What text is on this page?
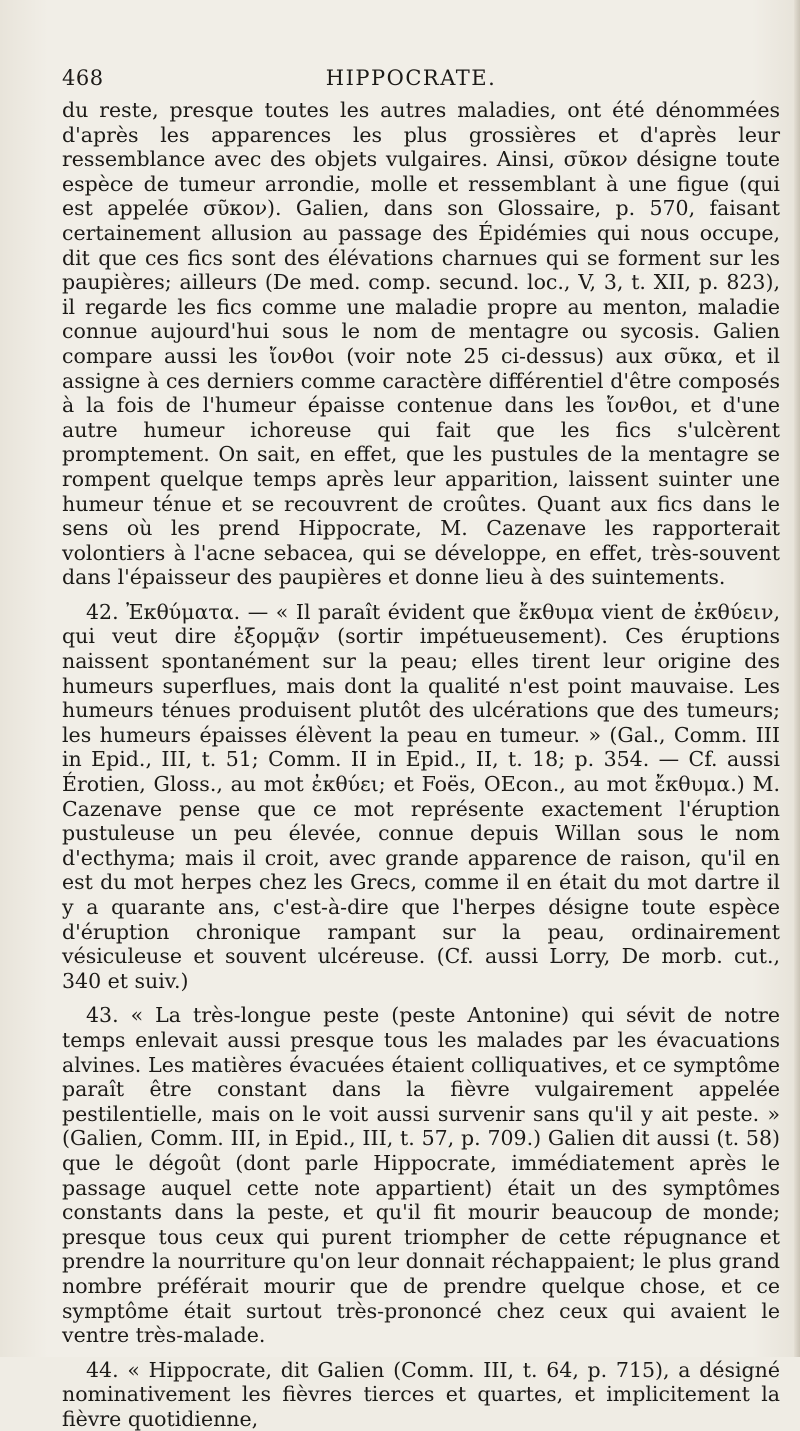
468	HIPPOCRATE.

du reste, presque toutes les autres maladies, ont été dénommées d'après les apparences les plus grossières et d'après leur ressemblance avec des objets vulgaires. Ainsi, σῦκον désigne toute espèce de tumeur arrondie, molle et ressemblant à une figue (qui est appelée σῦκον). Galien, dans son Glossaire, p. 570, faisant certainement allusion au passage des Épidémies qui nous occupe, dit que ces fics sont des élévations charnues qui se forment sur les paupières; ailleurs (De med. comp. secund. loc., V, 3, t. XII, p. 823), il regarde les fics comme une maladie propre au menton, maladie connue aujourd'hui sous le nom de mentagre ou sycosis. Galien compare aussi les ἴονθοι (voir note 25 ci-dessus) aux σῦκα, et il assigne à ces derniers comme caractère différentiel d'être composés à la fois de l'humeur épaisse contenue dans les ἴονθοι, et d'une autre humeur ichoreuse qui fait que les fics s'ulcèrent promptement. On sait, en effet, que les pustules de la mentagre se rompent quelque temps après leur apparition, laissent suinter une humeur ténue et se recouvrent de croûtes. Quant aux fics dans le sens où les prend Hippocrate, M. Cazenave les rapporterait volontiers à l'acne sebacea, qui se développe, en effet, très-souvent dans l'épaisseur des paupières et donne lieu à des suintements.

42. Ἐκθύματα. — « Il paraît évident que ἔκθυμα vient de ἐκθύειν, qui veut dire ἐξορμᾷν (sortir impétueusement). Ces éruptions naissent spontanément sur la peau; elles tirent leur origine des humeurs superflues, mais dont la qualité n'est point mauvaise. Les humeurs ténues produisent plutôt des ulcérations que des tumeurs; les humeurs épaisses élèvent la peau en tumeur. » (Gal., Comm. III in Epid., III, t. 51; Comm. II in Epid., II, t. 18; p. 354. — Cf. aussi Érotien, Gloss., au mot ἐκθύει; et Foës, OEcon., au mot ἔκθυμα.) M. Cazenave pense que ce mot représente exactement l'éruption pustuleuse un peu élevée, connue depuis Willan sous le nom d'ecthyma; mais il croit, avec grande apparence de raison, qu'il en est du mot herpes chez les Grecs, comme il en était du mot dartre il y a quarante ans, c'est-à-dire que l'herpes désigne toute espèce d'éruption chronique rampant sur la peau, ordinairement vésiculeuse et souvent ulcéreuse. (Cf. aussi Lorry, De morb. cut., 340 et suiv.)

43. « La très-longue peste (peste Antonine) qui sévit de notre temps enlevait aussi presque tous les malades par les évacuations alvines. Les matières évacuées étaient colliquatives, et ce symptôme paraît être constant dans la fièvre vulgairement appelée pestilentielle, mais on le voit aussi survenir sans qu'il y ait peste. » (Galien, Comm. III, in Epid., III, t. 57, p. 709.) Galien dit aussi (t. 58) que le dégoût (dont parle Hippocrate, immédiatement après le passage auquel cette note appartient) était un des symptômes constants dans la peste, et qu'il fit mourir beaucoup de monde; presque tous ceux qui purent triompher de cette répugnance et prendre la nourriture qu'on leur donnait réchappaient; le plus grand nombre préférait mourir que de prendre quelque chose, et ce symptôme était surtout très-prononcé chez ceux qui avaient le ventre très-malade.

44. « Hippocrate, dit Galien (Comm. III, t. 64, p. 715), a désigné nominativement les fièvres tierces et quartes, et implicitement la fièvre quotidienne,
